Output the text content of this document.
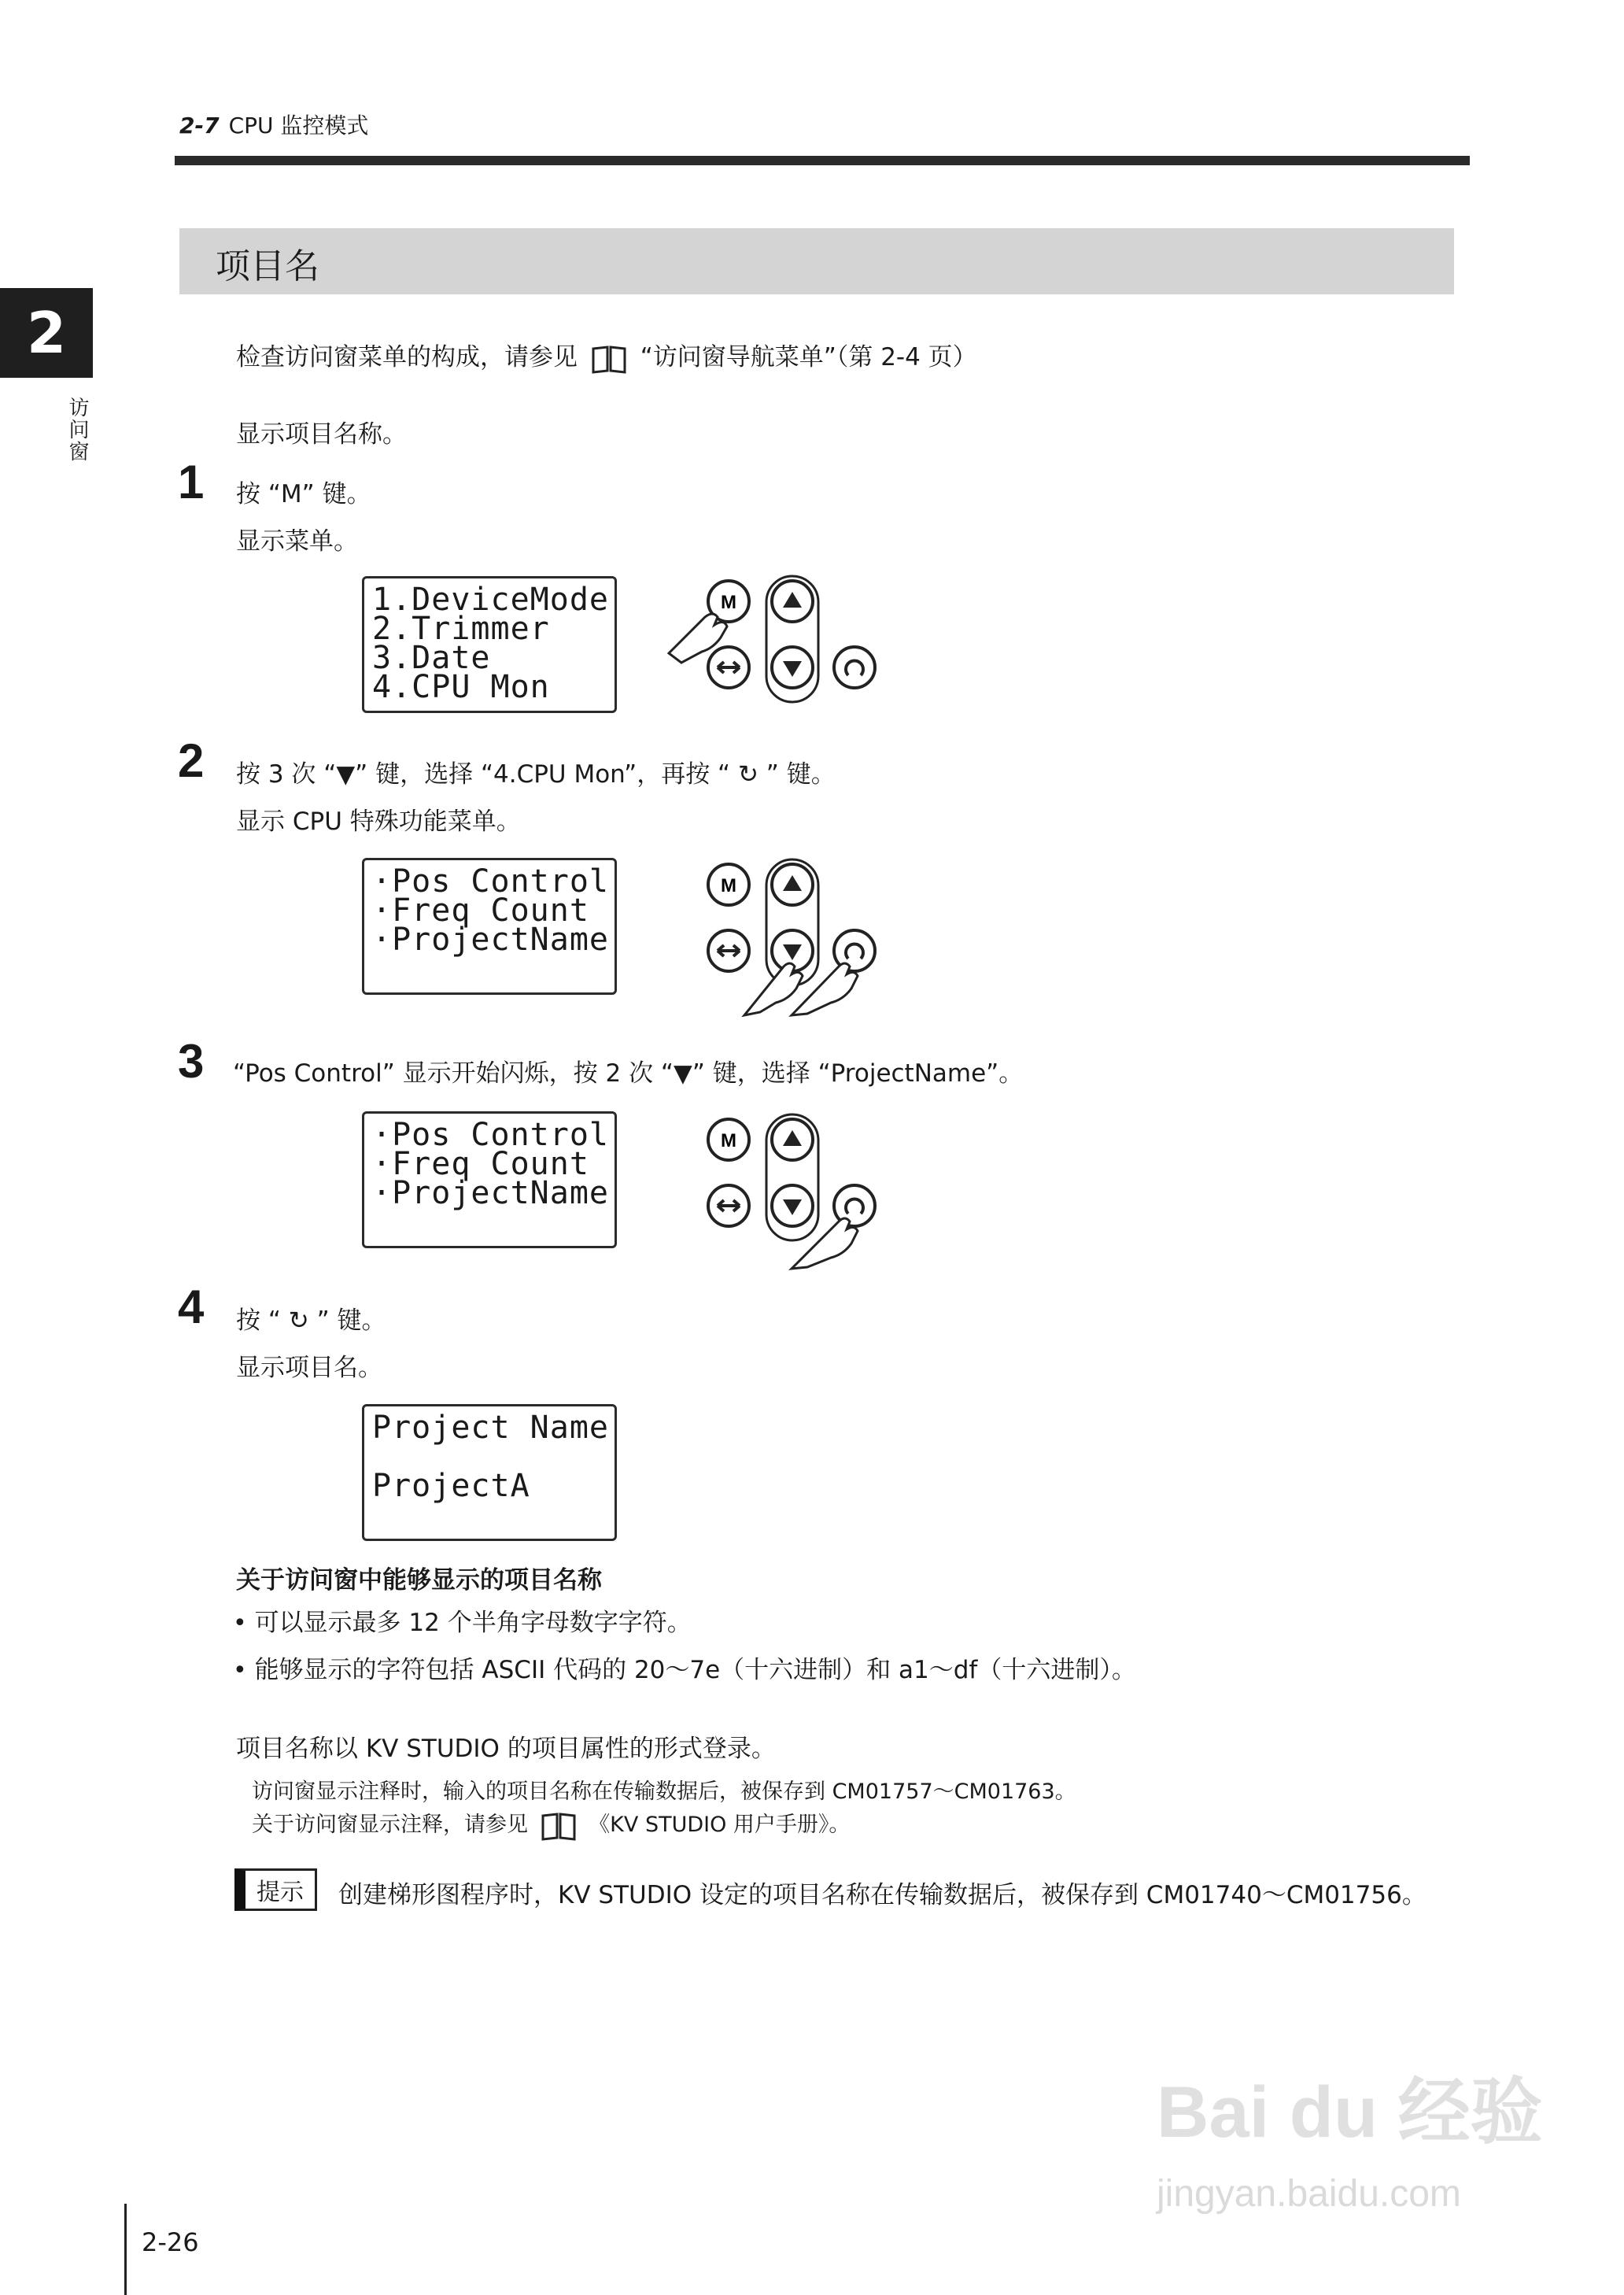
2-7 CPU 监控模式
2
访问窗
项目名
检查访问窗菜单的构成，请参见	“访问窗导航菜单”（第 2-4 页）
显示项目名称。
1 按 “M” 键。
显示菜单。
1.DeviceMode
2.Trimmer
3.Date
4.CPU Mon
M
2 按 3 次 “▼” 键，选择 “4.CPU Mon”，再按 “ ↻ ” 键。
显示 CPU 特殊功能菜单。
·Pos Control
·Freq Count
·ProjectName
M
3 “Pos Control” 显示开始闪烁，按 2 次 “▼” 键，选择 “ProjectName”。
·Pos Control
·Freq Count
·ProjectName
M
4 按 “ ↻ ” 键。
显示项目名。
Project Name
ProjectA
关于访问窗中能够显示的项目名称
• 可以显示最多 12 个半角字母数字字符。
• 能够显示的字符包括 ASCII 代码的 20～7e（十六进制）和 a1～df（十六进制）。
项目名称以 KV STUDIO 的项目属性的形式登录。
访问窗显示注释时，输入的项目名称在传输数据后，被保存到 CM01757～CM01763。
关于访问窗显示注释，请参见	《KV STUDIO 用户手册》。
提示	创建梯形图程序时，KV STUDIO 设定的项目名称在传输数据后，被保存到 CM01740～CM01756。
2-26
Bai du 经验
jingyan.baidu.com
